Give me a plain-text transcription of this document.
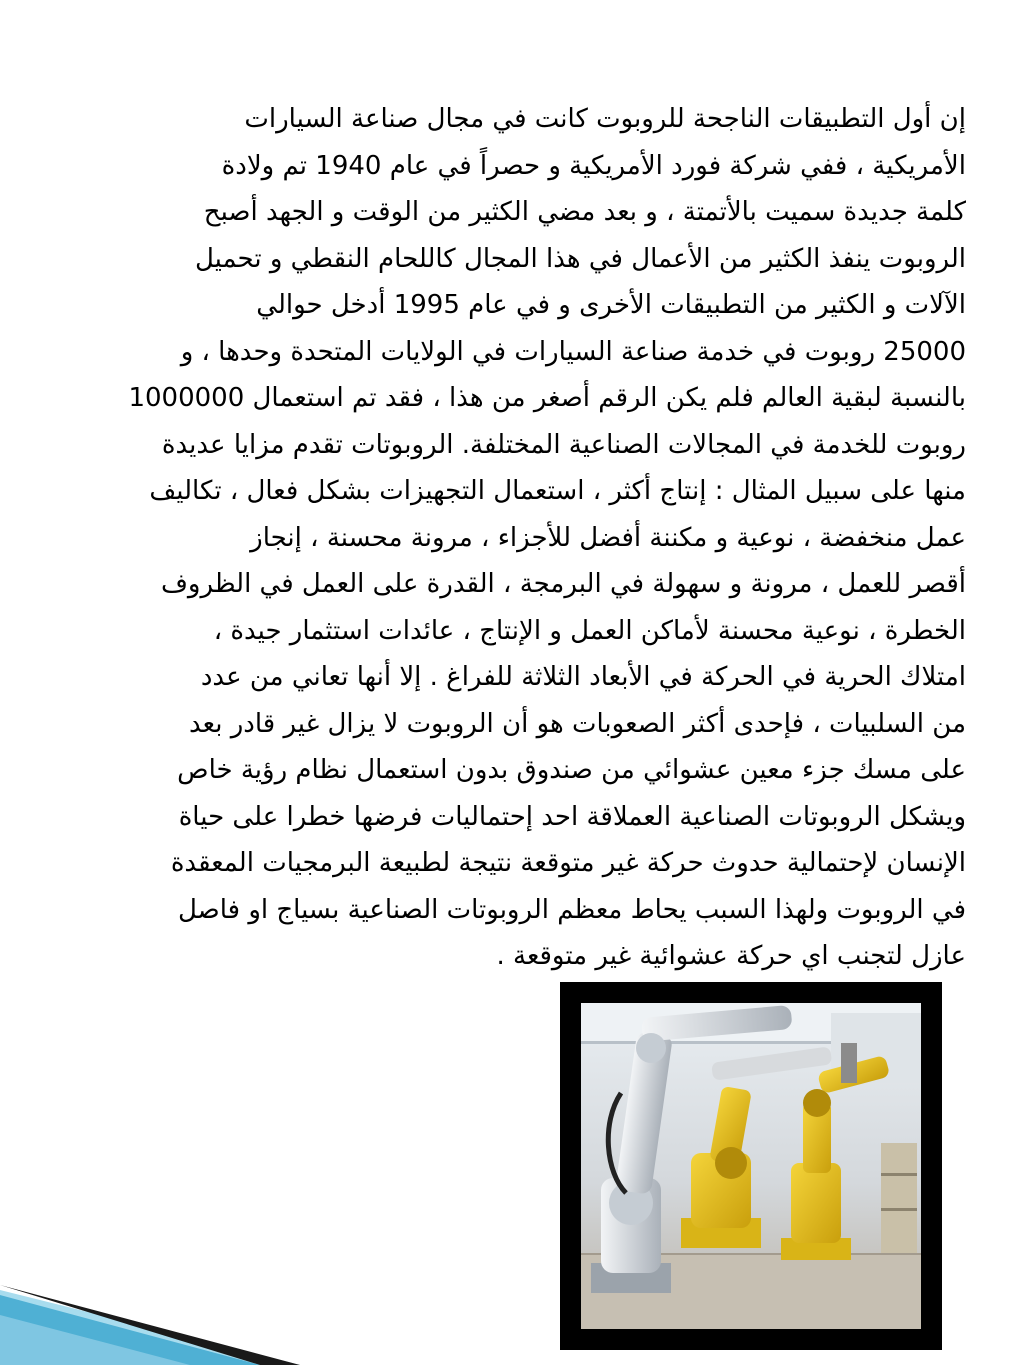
إن أول التطبيقات الناجحة للروبوت كانت في مجال صناعة السيارات
الأمريكية ، ففي شركة فورد الأمريكية و حصراً في عام 1940 تم ولادة
كلمة جديدة سميت بالأتمتة ، و بعد مضي الكثير من الوقت و الجهد أصبح
الروبوت ينفذ الكثير من الأعمال في هذا المجال كاللحام النقطي و تحميل
الآلات و الكثير من التطبيقات الأخرى و في عام 1995 أدخل حوالي
25000 روبوت في خدمة صناعة السيارات في الولايات المتحدة وحدها ، و
بالنسبة لبقية العالم فلم يكن الرقم أصغر من هذا ، فقد تم استعمال 1000000
روبوت للخدمة في المجالات الصناعية المختلفة. الروبوتات تقدم مزايا عديدة
منها على سبيل المثال : إنتاج أكثر ، استعمال التجهيزات بشكل فعال ، تكاليف
عمل منخفضة ، نوعية و مكننة أفضل للأجزاء ، مرونة محسنة ، إنجاز
أقصر للعمل ، مرونة و سهولة في البرمجة ، القدرة على العمل في الظروف
الخطرة ، نوعية محسنة لأماكن العمل و الإنتاج ، عائدات استثمار جيدة ،
امتلاك الحرية في الحركة في الأبعاد الثلاثة للفراغ . إلا أنها تعاني من عدد
من السلبيات ، فإحدى أكثر الصعوبات هو أن الروبوت لا يزال غير قادر بعد
على مسك جزء معين عشوائي من صندوق بدون استعمال نظام رؤية خاص
ويشكل الروبوتات الصناعية العملاقة احد إحتماليات فرضها خطرا على حياة
الإنسان لإحتمالية حدوث حركة غير متوقعة نتيجة لطبيعة البرمجيات المعقدة
في الروبوت ولهذا السبب يحاط معظم الروبوتات الصناعية بسياج او فاصل
عازل لتجنب اي حركة عشوائية غير متوقعة .
